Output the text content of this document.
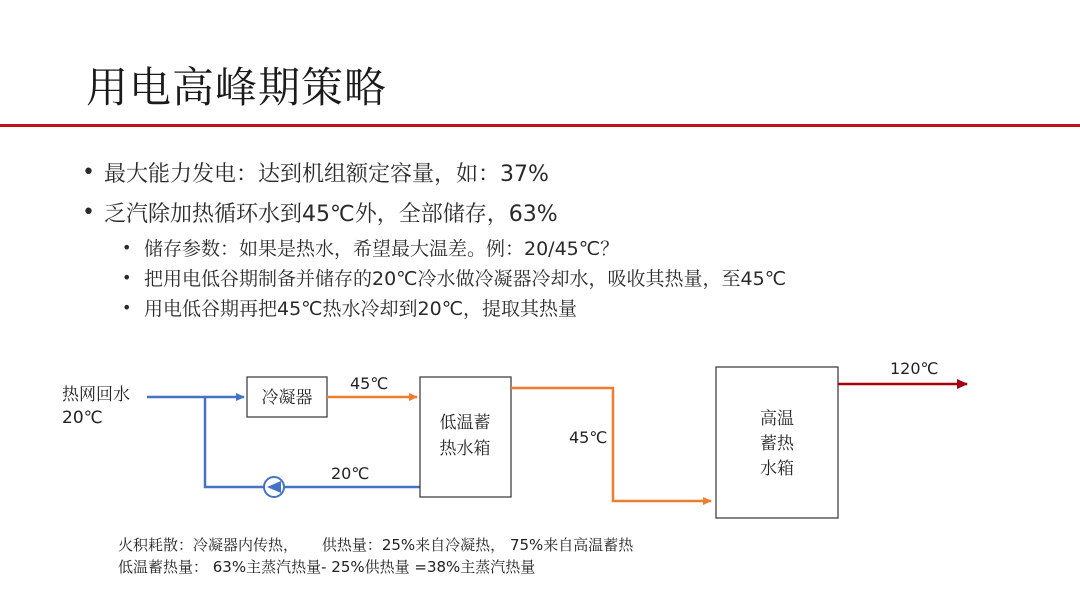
用电高峰期策略
• 最大能力发电：达到机组额定容量，如：37%
• 乏汽除加热循环水到45℃外，全部储存，63%
• 储存参数：如果是热水，希望最大温差。例：20/45℃？
• 把用电低谷期制备并储存的20℃冷水做冷凝器冷却水，吸收其热量，至45℃
• 用电低谷期再把45℃热水冷却到20℃，提取其热量
冷凝器
45℃
低温蓄
热水箱
45℃
高温
蓄热
水箱
120℃
20℃
热网回水
20℃
火积耗散：冷凝器内传热，     供热量：25%来自冷凝热， 75%来自高温蓄热
低温蓄热量： 63%主蒸汽热量- 25%供热量 =38%主蒸汽热量
